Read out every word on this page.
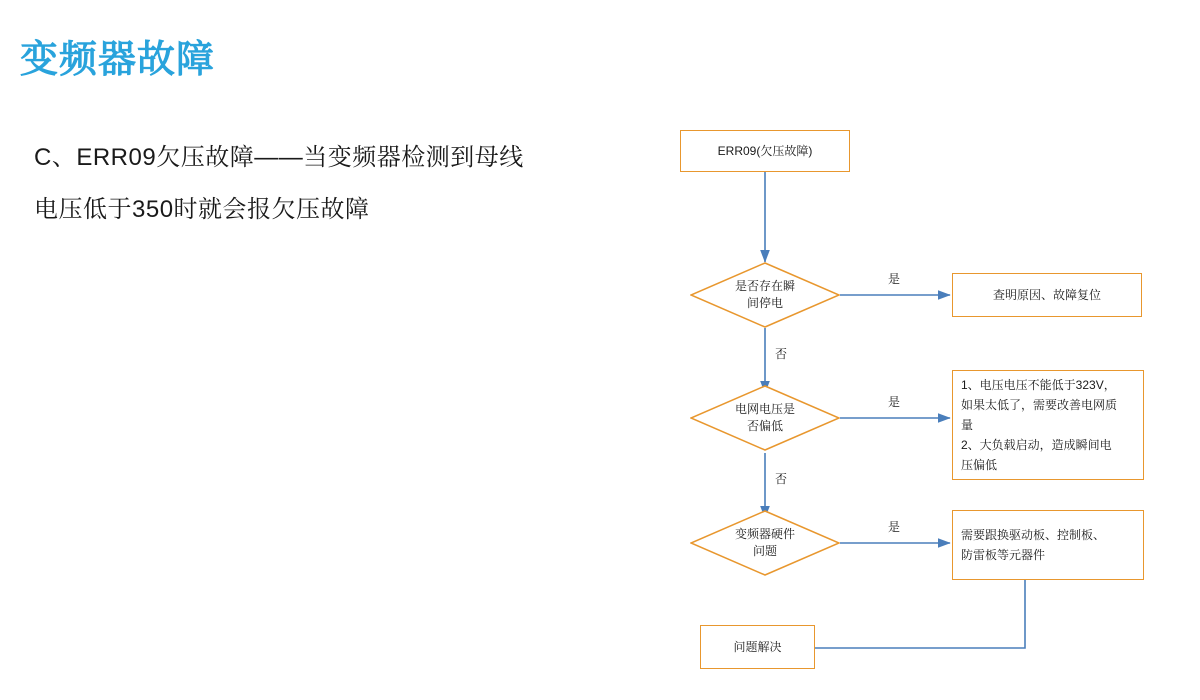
变频器故障
C、ERR09欠压故障——当变频器检测到母线
电压低于350时就会报欠压故障
ERR09(欠压故障)
是否存在瞬
间停电
查明原因、故障复位
电网电压是
否偏低
1、电压电压不能低于323V，
如果太低了，需要改善电网质
量
2、大负载启动，造成瞬间电
压偏低
变频器硬件
问题
需要跟换驱动板、控制板、
防雷板等元器件
问题解决
是
否
是
否
是
